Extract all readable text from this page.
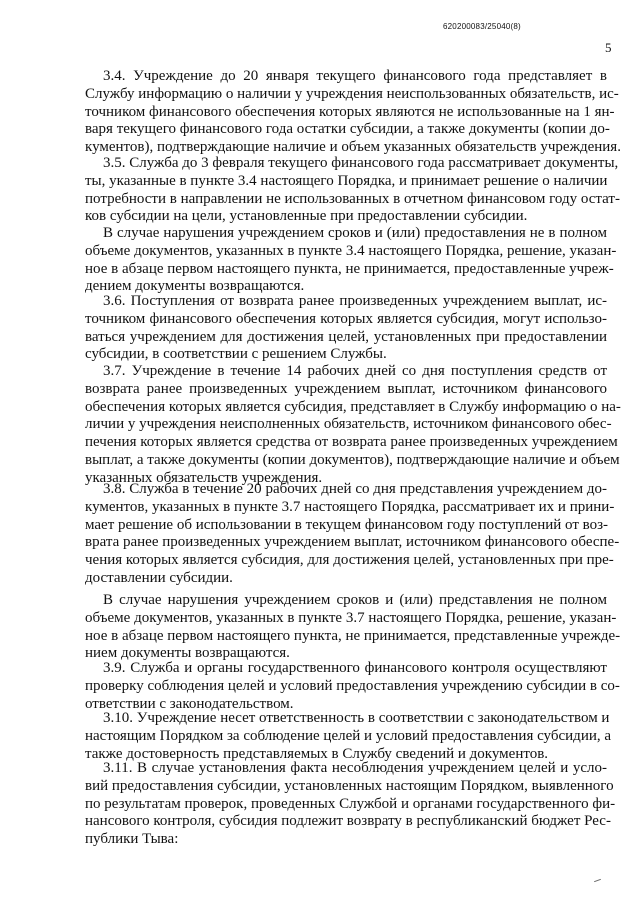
620200083/25040(8)
5
3.4. Учреждение до 20 января текущего финансового года представляет в
Службу информацию о наличии у учреждения неиспользованных обязательств, ис-
точником финансового обеспечения которых являются не использованные на 1 ян-
варя текущего финансового года остатки субсидии, а также документы (копии до-
кументов), подтверждающие наличие и объем указанных обязательств учреждения.
3.5. Служба до 3 февраля текущего финансового года рассматривает документы,
ты, указанные в пункте 3.4 настоящего Порядка, и принимает решение о наличии
потребности в направлении не использованных в отчетном финансовом году остат-
ков субсидии на цели, установленные при предоставлении субсидии.
В случае нарушения учреждением сроков и (или) предоставления не в полном
объеме документов, указанных в пункте 3.4 настоящего Порядка, решение, указан-
ное в абзаце первом настоящего пункта, не принимается, предоставленные учреж-
дением документы возвращаются.
3.6. Поступления от возврата ранее произведенных учреждением выплат, ис-
точником финансового обеспечения которых является субсидия, могут использо-
ваться учреждением для достижения целей, установленных при предоставлении
субсидии, в соответствии с решением Службы.
3.7. Учреждение в течение 14 рабочих дней со дня поступления средств от
возврата ранее произведенных учреждением выплат, источником финансового
обеспечения которых является субсидия, представляет в Службу информацию о на-
личии у учреждения неисполненных обязательств, источником финансового обес-
печения которых является средства от возврата ранее произведенных учреждением
выплат, а также документы (копии документов), подтверждающие наличие и объем
указанных обязательств учреждения.
3.8. Служба в течение 20 рабочих дней со дня представления учреждением до-
кументов, указанных в пункте 3.7 настоящего Порядка, рассматривает их и прини-
мает решение об использовании в текущем финансовом году поступлений от воз-
врата ранее произведенных учреждением выплат, источником финансового обеспе-
чения которых является субсидия, для достижения целей, установленных при пре-
доставлении субсидии.
В случае нарушения учреждением сроков и (или) представления не полном
объеме документов, указанных в пункте 3.7 настоящего Порядка, решение, указан-
ное в абзаце первом настоящего пункта, не принимается, представленные учрежде-
нием документы возвращаются.
3.9. Служба и органы государственного финансового контроля осуществляют
проверку соблюдения целей и условий предоставления учреждению субсидии в со-
ответствии с законодательством.
3.10. Учреждение несет ответственность в соответствии с законодательством и
настоящим Порядком за соблюдение целей и условий предоставления субсидии, а
также достоверность представляемых в Службу сведений и документов.
3.11. В случае установления факта несоблюдения учреждением целей и усло-
вий предоставления субсидии, установленных настоящим Порядком, выявленного
по результатам проверок, проведенных Службой и органами государственного фи-
нансового контроля, субсидия подлежит возврату в республиканский бюджет Рес-
публики Тыва:
